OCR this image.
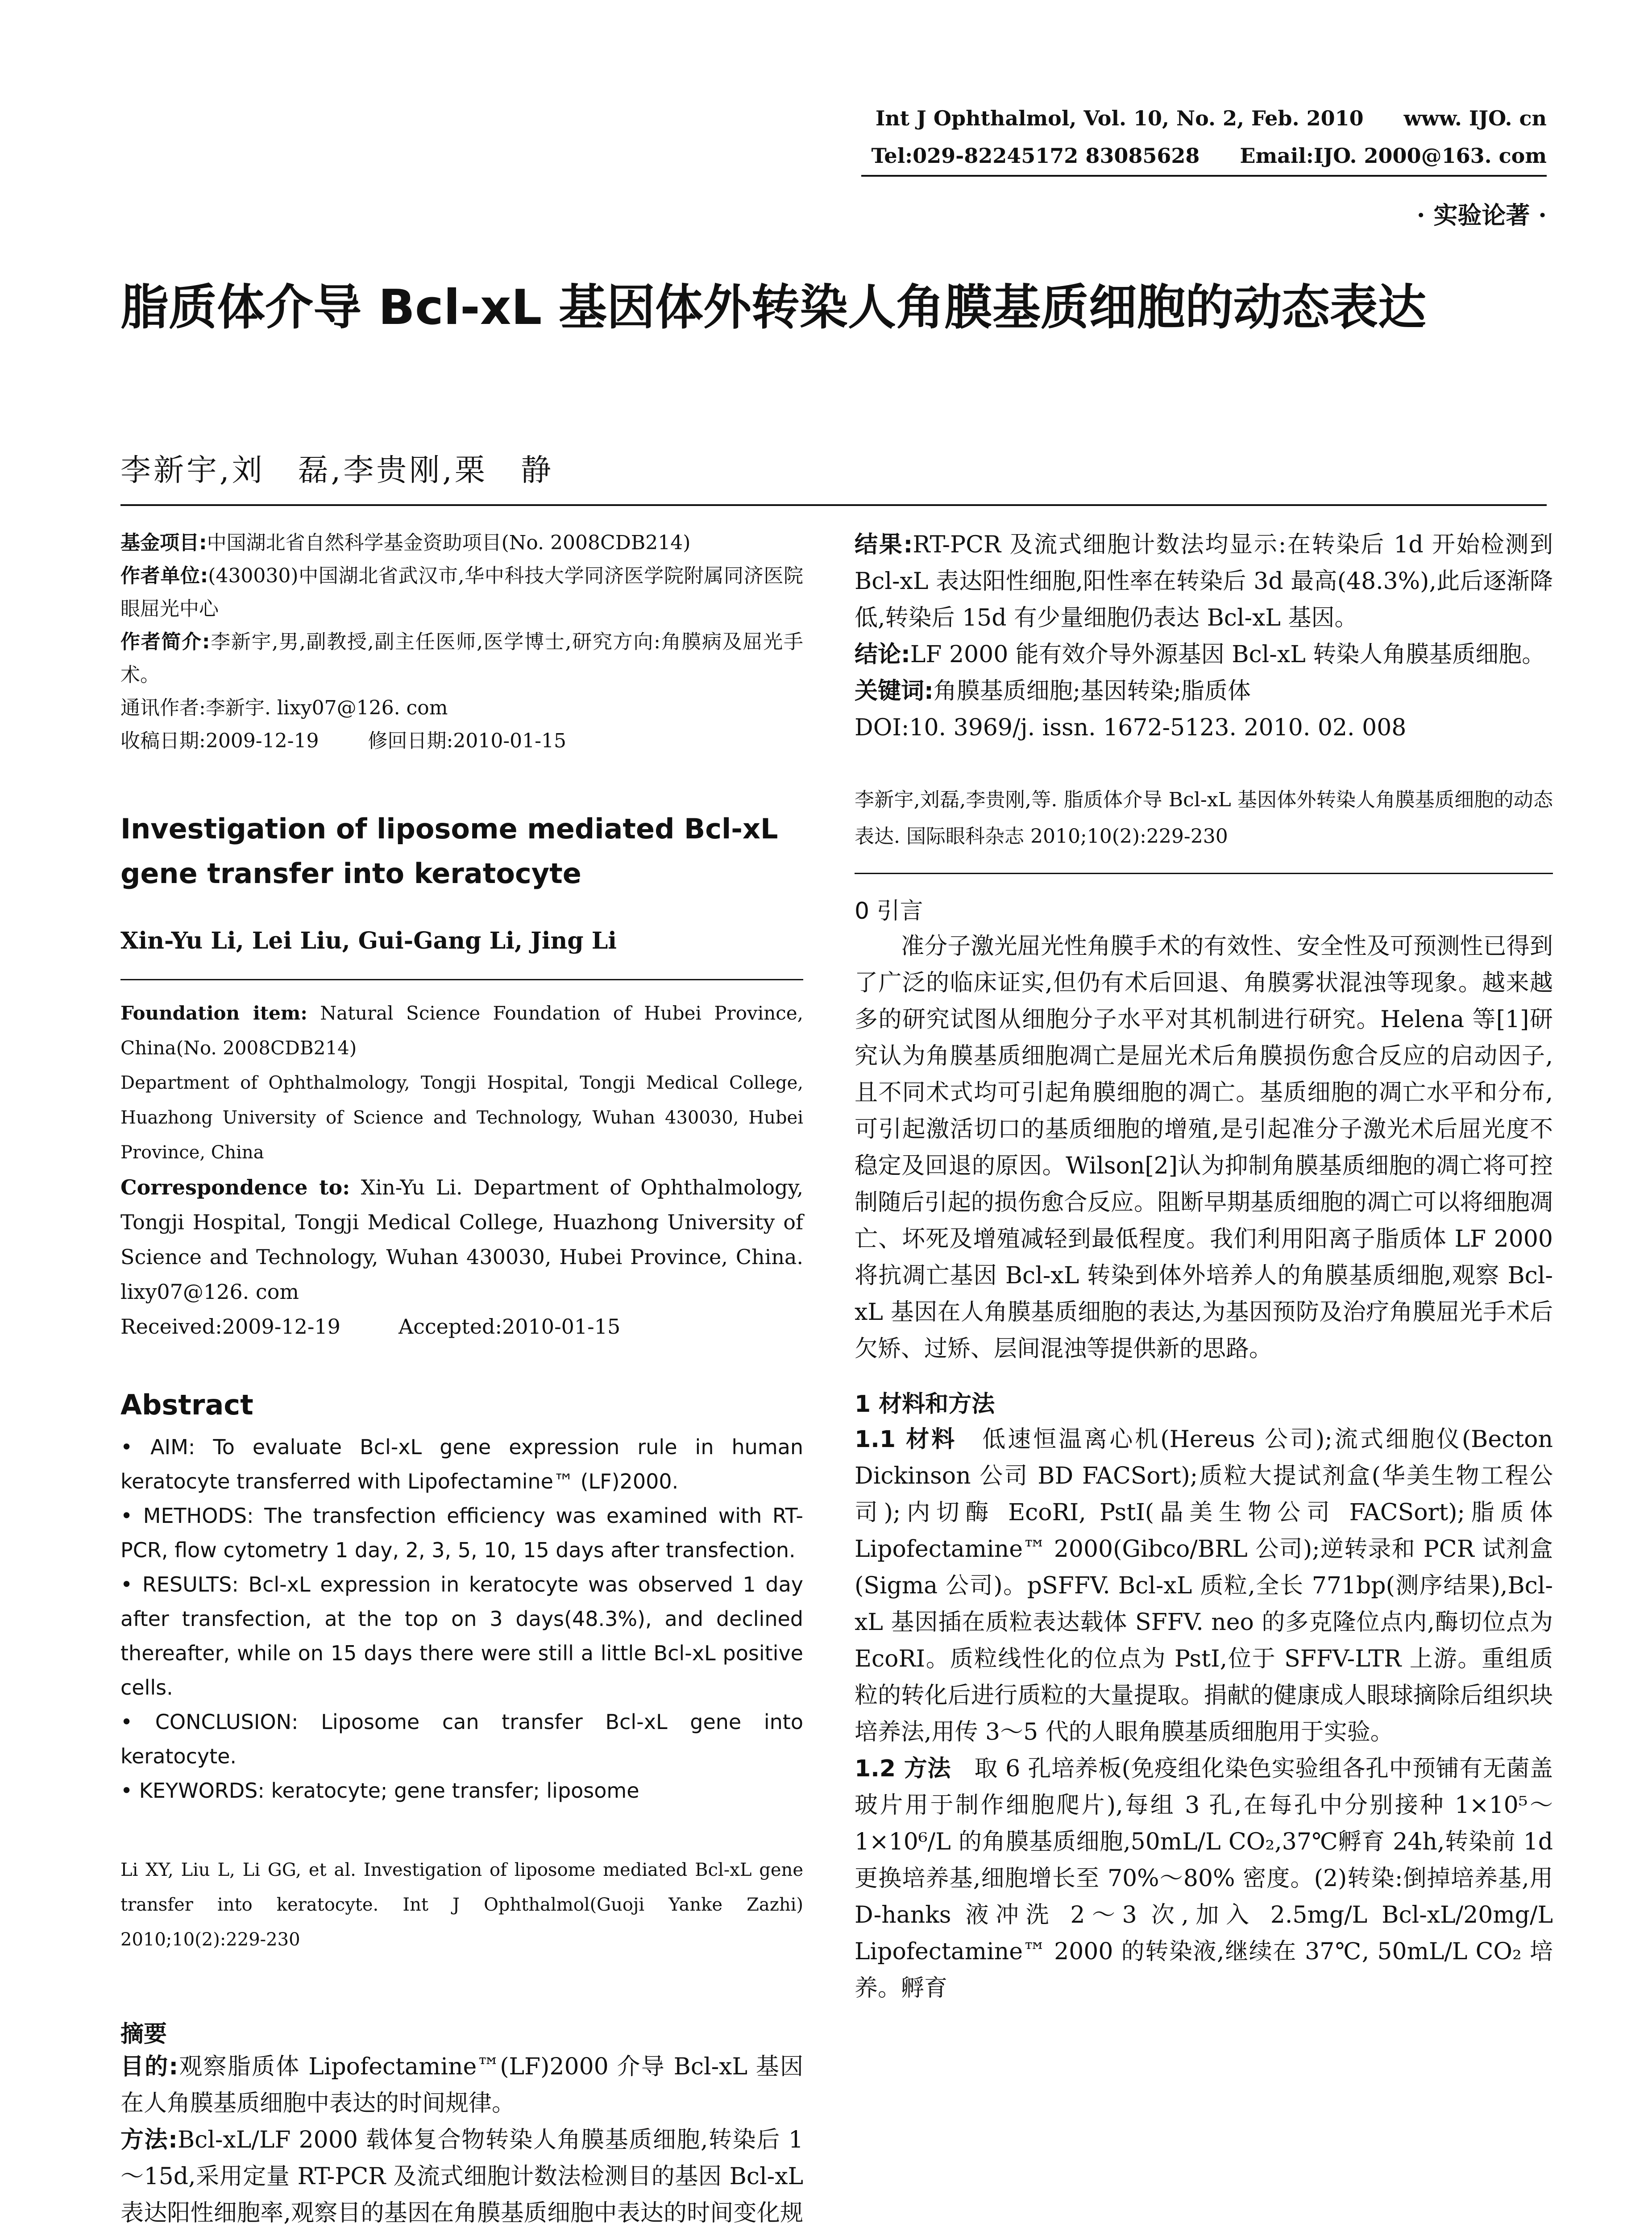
Int J Ophthalmol, Vol. 10, No. 2, Feb. 2010 www. IJO. cn
Tel:029-82245172 83085628 Email:IJO. 2000@163. com
· 实验论著 ·
脂质体介导 Bcl-xL 基因体外转染人角膜基质细胞的动态表达
李新宇,刘　磊,李贵刚,栗　静

基金项目:中国湖北省自然科学基金资助项目(No. 2008CDB214)

作者单位:(430030)中国湖北省武汉市,华中科技大学同济医学院附属同济医院眼屈光中心

作者简介:李新宇,男,副教授,副主任医师,医学博士,研究方向:角膜病及屈光手术。

通讯作者:李新宇. lixy07@126. com

收稿日期:2009-12-19	修回日期:2010-01-15

Investigation of liposome mediated Bcl-xL gene transfer into keratocyte
Xin-Yu Li, Lei Liu, Gui-Gang Li, Jing Li

Foundation item: Natural Science Foundation of Hubei Province, China(No. 2008CDB214)

Department of Ophthalmology, Tongji Hospital, Tongji Medical College, Huazhong University of Science and Technology, Wuhan 430030, Hubei Province, China

Correspondence to: Xin-Yu Li. Department of Ophthalmology, Tongji Hospital, Tongji Medical College, Huazhong University of Science and Technology, Wuhan 430030, Hubei Province, China. lixy07@126. com

Received:2009-12-19	Accepted:2010-01-15

Abstract

• AIM: To evaluate Bcl-xL gene expression rule in human keratocyte transferred with Lipofectamine™ (LF)2000.

• METHODS: The transfection efficiency was examined with RT-PCR, flow cytometry 1 day, 2, 3, 5, 10, 15 days after transfection.

• RESULTS: Bcl-xL expression in keratocyte was observed 1 day after transfection, at the top on 3 days(48.3%), and declined thereafter, while on 15 days there were still a little Bcl-xL positive cells.

• CONCLUSION: Liposome can transfer Bcl-xL gene into keratocyte.

• KEYWORDS: keratocyte; gene transfer; liposome

Li XY, Liu L, Li GG, et al. Investigation of liposome mediated Bcl-xL gene transfer into keratocyte. Int J Ophthalmol(Guoji Yanke Zazhi) 2010;10(2):229-230
摘要

目的:观察脂质体 Lipofectamine™(LF)2000 介导 Bcl-xL 基因在人角膜基质细胞中表达的时间规律。

方法:Bcl-xL/LF 2000 载体复合物转染人角膜基质细胞,转染后 1～15d,采用定量 RT-PCR 及流式细胞计数法检测目的基因 Bcl-xL 表达阳性细胞率,观察目的基因在角膜基质细胞中表达的时间变化规

结果:RT-PCR 及流式细胞计数法均显示:在转染后 1d 开始检测到 Bcl-xL 表达阳性细胞,阳性率在转染后 3d 最高(48.3%),此后逐渐降低,转染后 15d 有少量细胞仍表达 Bcl-xL 基因。

结论:LF 2000 能有效介导外源基因 Bcl-xL 转染人角膜基质细胞。

关键词:角膜基质细胞;基因转染;脂质体

DOI:10. 3969/j. issn. 1672-5123. 2010. 02. 008

李新宇,刘磊,李贵刚,等. 脂质体介导 Bcl-xL 基因体外转染人角膜基质细胞的动态表达. 国际眼科杂志 2010;10(2):229-230
0 引言

准分子激光屈光性角膜手术的有效性、安全性及可预测性已得到了广泛的临床证实,但仍有术后回退、角膜雾状混浊等现象。越来越多的研究试图从细胞分子水平对其机制进行研究。Helena 等[1]研究认为角膜基质细胞凋亡是屈光术后角膜损伤愈合反应的启动因子,且不同术式均可引起角膜细胞的凋亡。基质细胞的凋亡水平和分布,可引起激活切口的基质细胞的增殖,是引起准分子激光术后屈光度不稳定及回退的原因。Wilson[2]认为抑制角膜基质细胞的凋亡将可控制随后引起的损伤愈合反应。阻断早期基质细胞的凋亡可以将细胞凋亡、坏死及增殖减轻到最低程度。我们利用阳离子脂质体 LF 2000 将抗凋亡基因 Bcl-xL 转染到体外培养人的角膜基质细胞,观察 Bcl-xL 基因在人角膜基质细胞的表达,为基因预防及治疗角膜屈光手术后欠矫、过矫、层间混浊等提供新的思路。

1 材料和方法

1.1 材料　 低速恒温离心机(Hereus 公司);流式细胞仪(Becton Dickinson 公司 BD FACSort);质粒大提试剂盒(华美生物工程公司);内切酶 EcoRI, PstI(晶美生物公司 FACSort);脂质体 Lipofectamine™ 2000(Gibco/BRL 公司);逆转录和 PCR 试剂盒(Sigma 公司)。pSFFV. Bcl-xL 质粒,全长 771bp(测序结果),Bcl-xL 基因插在质粒表达载体 SFFV. neo 的多克隆位点内,酶切位点为 EcoRI。质粒线性化的位点为 PstI,位于 SFFV-LTR 上游。重组质粒的转化后进行质粒的大量提取。捐献的健康成人眼球摘除后组织块培养法,用传 3～5 代的人眼角膜基质细胞用于实验。

1.2 方法　 取 6 孔培养板(免疫组化染色实验组各孔中预铺有无菌盖玻片用于制作细胞爬片),每组 3 孔,在每孔中分别接种 1×10⁵～1×10⁶/L 的角膜基质细胞,50mL/L CO₂,37℃孵育 24h,转染前 1d 更换培养基,细胞增长至 70%～80% 密度。(2)转染:倒掉培养基,用 D-hanks 液冲洗 2～3 次,加入 2.5mg/L Bcl-xL/20mg/L Lipofectamine™ 2000 的转染液,继续在 37℃, 50mL/L CO₂ 培养。孵育
